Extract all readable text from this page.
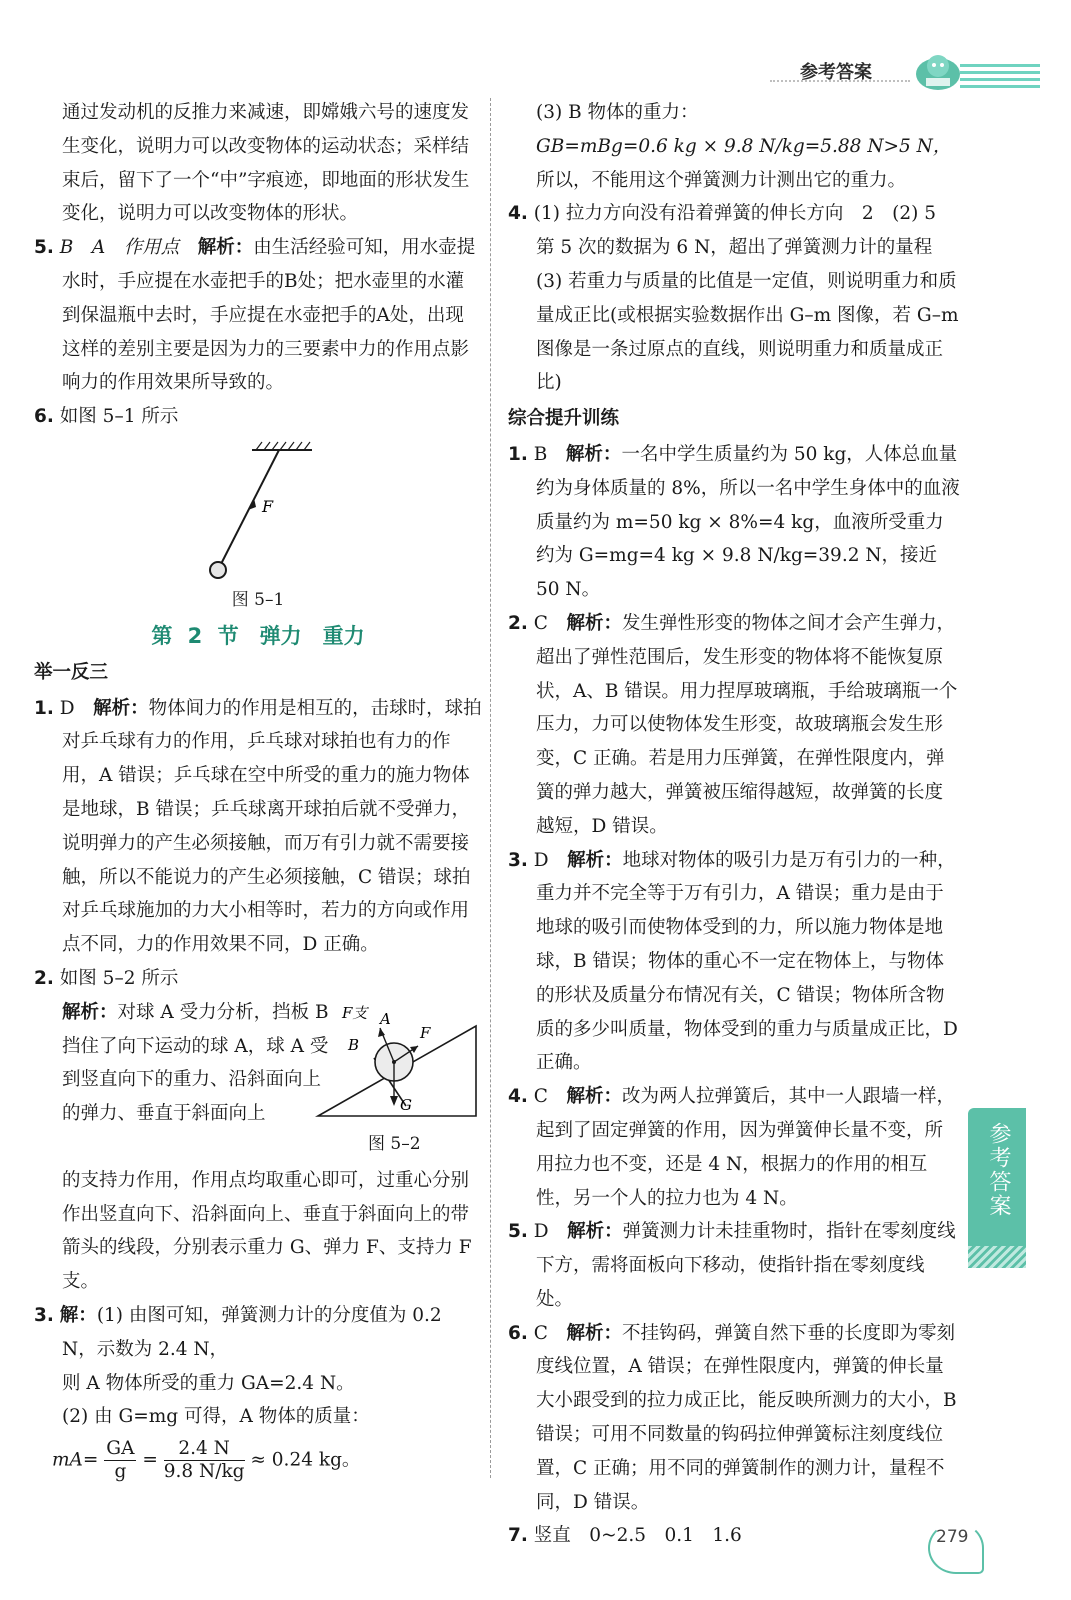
参考答案

通过发动机的反推力来减速，即嫦娥六号的速度发生变化，说明力可以改变物体的运动状态；采样结束后，留下了一个“中”字痕迹，即地面的形状发生变化，说明力可以改变物体的形状。

5. B　A　作用点　 解析：由生活经验可知，用水壶提水时，手应提在水壶把手的B处；把水壶里的水灌到保温瓶中去时，手应提在水壶把手的A处，出现这样的差别主要是因为力的三要素中力的作用点影响力的作用效果所导致的。

6. 如图 5–1 所示

F
图 5–1
第 2 节　弹力　重力
举一反三

1. D　 解析：物体间力的作用是相互的，击球时，球拍对乒乓球有力的作用，乒乓球对球拍也有力的作用，A 错误；乒乓球在空中所受的重力的施力物体是地球，B 错误；乒乓球离开球拍后就不受弹力，说明弹力的产生必须接触，而万有引力就不需要接触，所以不能说力的产生必须接触，C 错误；球拍对乒乓球施加的力大小相等时，若力的方向或作用点不同，力的作用效果不同，D 正确。

2. 如图 5–2 所示

解析：对球 A 受力分析，挡板 B 挡住了向下运动的球 A，球 A 受到竖直向下的重力、沿斜面向上的弹力、垂直于斜面向上

F支 A
B
F
G
图 5–2

的支持力作用，作用点均取重心即可，过重心分别作出竖直向下、沿斜面向上、垂直于斜面向上的带箭头的线段，分别表示重力 G、弹力 F、支持力 F支。

3. 解：(1) 由图可知，弹簧测力计的分度值为 0.2 N，示数为 2.4 N，

则 A 物体所受的重力 GA=2.4 N。

(2) 由 G=mg 可得，A 物体的质量：

$mA= \frac{GA}{g} = \frac{2.4 N}{9.8 N/kg} \approx 0.24$ kg。

(3) B 物体的重力：

GB=mBg=0.6 kg × 9.8 N/kg=5.88 N>5 N，

所以，不能用这个弹簧测力计测出它的重力。

4. (1) 拉力方向没有沿着弹簧的伸长方向　2　(2) 5

第 5 次的数据为 6 N，超出了弹簧测力计的量程

(3) 若重力与质量的比值是一定值，则说明重力和质量成正比(或根据实验数据作出 G–m 图像，若 G–m 图像是一条过原点的直线，则说明重力和质量成正比)

综合提升训练

1. B　 解析：一名中学生质量约为 50 kg，人体总血量约为身体质量的 8%，所以一名中学生身体中的血液质量约为 m=50 kg × 8%=4 kg，血液所受重力约为 G=mg=4 kg × 9.8 N/kg=39.2 N，接近 50 N。

2. C　 解析：发生弹性形变的物体之间才会产生弹力，超出了弹性范围后，发生形变的物体将不能恢复原状，A、B 错误。用力捏厚玻璃瓶，手给玻璃瓶一个压力，力可以使物体发生形变，故玻璃瓶会发生形变，C 正确。若是用力压弹簧，在弹性限度内，弹簧的弹力越大，弹簧被压缩得越短，故弹簧的长度越短，D 错误。

3. D　 解析：地球对物体的吸引力是万有引力的一种，重力并不完全等于万有引力，A 错误；重力是由于地球的吸引而使物体受到的力，所以施力物体是地球，B 错误；物体的重心不一定在物体上，与物体的形状及质量分布情况有关，C 错误；物体所含物质的多少叫质量，物体受到的重力与质量成正比，D 正确。

4. C　 解析：改为两人拉弹簧后，其中一人跟墙一样，起到了固定弹簧的作用，因为弹簧伸长量不变，所用拉力也不变，还是 4 N，根据力的作用的相互性，另一个人的拉力也为 4 N。

5. D　 解析：弹簧测力计未挂重物时，指针在零刻度线下方，需将面板向下移动，使指针指在零刻度线处。

6. C　 解析：不挂钩码，弹簧自然下垂的长度即为零刻度线位置，A 错误；在弹性限度内，弹簧的伸长量大小跟受到的拉力成正比，能反映所测力的大小，B 错误；可用不同数量的钩码拉伸弹簧标注刻度线位置，C 正确；用不同的弹簧制作的测力计，量程不同，D 错误。

7. 竖直　0~2.5　0.1　1.6

参考答案
279
